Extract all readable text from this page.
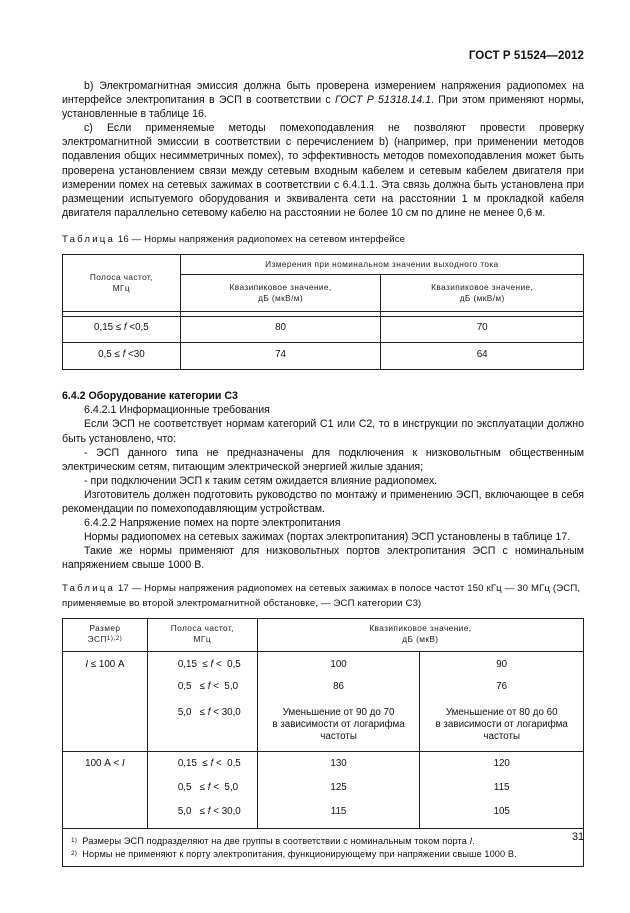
ГОСТ Р 51524—2012

b) Электромагнитная эмиссия должна быть проверена измерением напряжения радиопомех на интерфейсе электропитания в ЭСП в соответствии с ГОСТ Р 51318.14.1. При этом применяют нормы, установленные в таблице 16.

c) Если применяемые методы помехоподавления не позволяют провести проверку электромагнитной эмиссии в соответствии с перечислением b) (например, при применении методов подавления общих несимметричных помех), то эффективность методов помехоподавления может быть проверена установлением связи между сетевым входным кабелем и сетевым кабелем двигателя при измерении помех на сетевых зажимах в соответствии с 6.4.1.1. Эта связь должна быть установлена при размещении испытуемого оборудования и эквивалента сети на расстоянии 1 м прокладкой кабеля двигателя параллельно сетевому кабелю на расстоянии не более 10 см по длине не менее 0,6 м.

Таблица 16 — Нормы напряжения радиопомех на сетевом интерфейсе

Полоса частот,
МГц	Измерения при номинальном значении выходного тока	
	Квазипиковое значение,
дБ (мкВ/м)	Квазипиковое значение,
дБ (мкВ/м)

0,15 ≤ f <0,5	80	70
0,5 ≤ f <30	74	64

6.4.2 Оборудование категории С3

6.4.2.1 Информационные требования

Если ЭСП не соответствует нормам категорий С1 или С2, то в инструкции по эксплуатации должно быть установлено, что:

- ЭСП данного типа не предназначены для подключения к низковольтным общественным электрическим сетям, питающим электрической энергией жилые здания;

- при подключении ЭСП к таким сетям ожидается влияние радиопомех.

Изготовитель должен подготовить руководство по монтажу и применению ЭСП, включающее в себя рекомендации по помехоподавляющим устройствам.

6.4.2.2 Напряжение помех на порте электропитания

Нормы радиопомех на сетевых зажимах (портах электропитания) ЭСП установлены в таблице 17.

Такие же нормы применяют для низковольтных портов электропитания ЭСП с номинальным напряжением свыше 1000 В.

Таблица 17 — Нормы напряжения радиопомех на сетевых зажимах в полосе частот 150 кГц — 30 МГц (ЭСП, применяемые во второй электромагнитной обстановке, — ЭСП категории С3)

Размер
$ЭСП^{1),2)}$	Полоса частот,
МГц	Квазипиковое значение,
дБ (мкВ)	
I ≤ 100 А	0,15 ≤ f < 0,5	100	90
	0,5 ≤ f < 5,0	86	76
	5,0 ≤ f < 30,0	Уменьшение от 90 до 70
в зависимости от логарифма
частоты	Уменьшение от 80 до 60
в зависимости от логарифма
частоты
100 А < I	0,15 ≤ f < 0,5	130	120
	0,5 ≤ f < 5,0	125	115
	5,0 ≤ f < 30,0	115	105

$^{1)}$ Размеры ЭСП подразделяют на две группы в соответствии с номинальным током порта I.
$^{2)}$ Нормы не применяют к порту электропитания, функционирующему при напряжении свыше 1000 В.			
31
